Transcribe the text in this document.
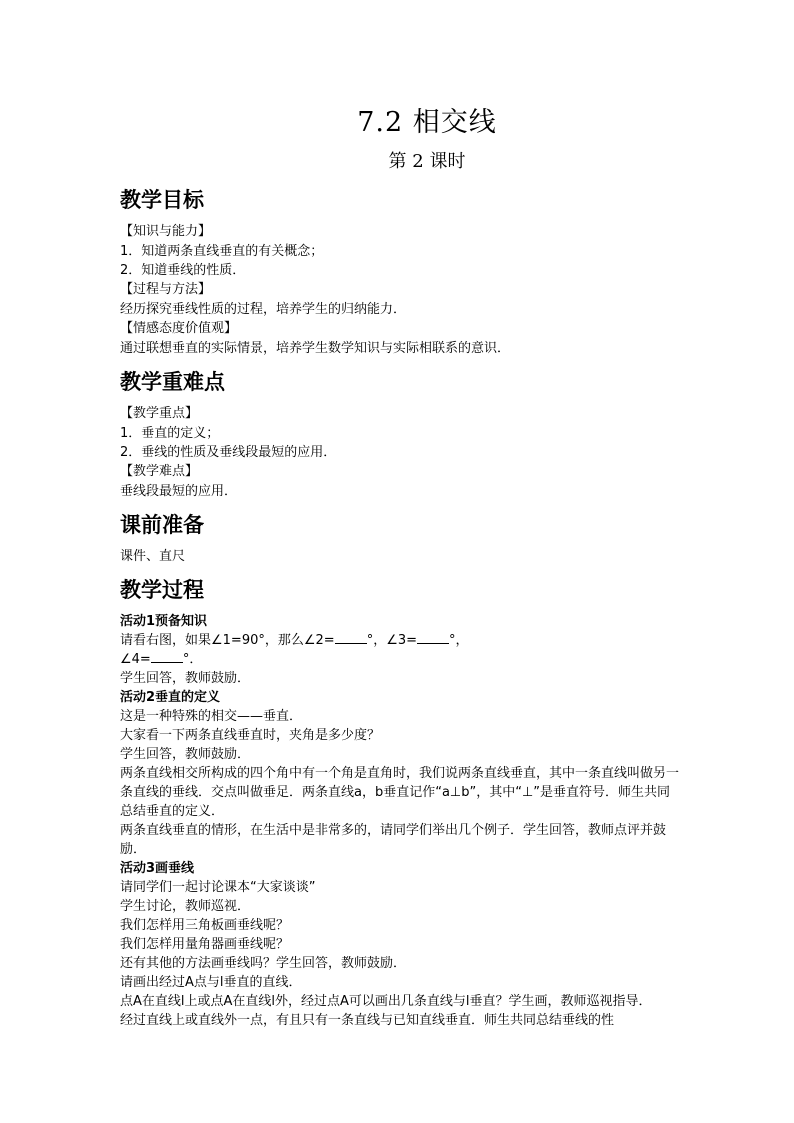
7.2 相交线
第 2 课时
教学目标

【知识与能力】

1．知道两条直线垂直的有关概念；

2．知道垂线的性质．

【过程与方法】

经历探究垂线性质的过程，培养学生的归纳能力．

【情感态度价值观】

通过联想垂直的实际情景，培养学生数学知识与实际相联系的意识．

教学重难点

【教学重点】

1．垂直的定义；

2．垂线的性质及垂线段最短的应用．

【教学难点】

垂线段最短的应用．

课前准备

课件、直尺

教学过程

活动1预备知识

请看右图，如果∠1=90°，那么∠2= °，∠3= °，

∠4= °．

学生回答，教师鼓励．

活动2垂直的定义

这是一种特殊的相交——垂直．

大家看一下两条直线垂直时，夹角是多少度？

学生回答，教师鼓励．

两条直线相交所构成的四个角中有一个角是直角时，我们说两条直线垂直，其中一条直线叫做另一条直线的垂线．交点叫做垂足．两条直线a，b垂直记作“a⊥b”，其中“⊥”是垂直符号．师生共同总结垂直的定义．

两条直线垂直的情形，在生活中是非常多的，请同学们举出几个例子．学生回答，教师点评并鼓励．

活动3画垂线

请同学们一起讨论课本“大家谈谈”

学生讨论，教师巡视．

我们怎样用三角板画垂线呢？

我们怎样用量角器画垂线呢？

还有其他的方法画垂线吗？学生回答，教师鼓励．

请画出经过A点与l垂直的直线．

点A在直线l上或点A在直线l外，经过点A可以画出几条直线与l垂直？学生画，教师巡视指导．

经过直线上或直线外一点，有且只有一条直线与已知直线垂直．师生共同总结垂线的性
